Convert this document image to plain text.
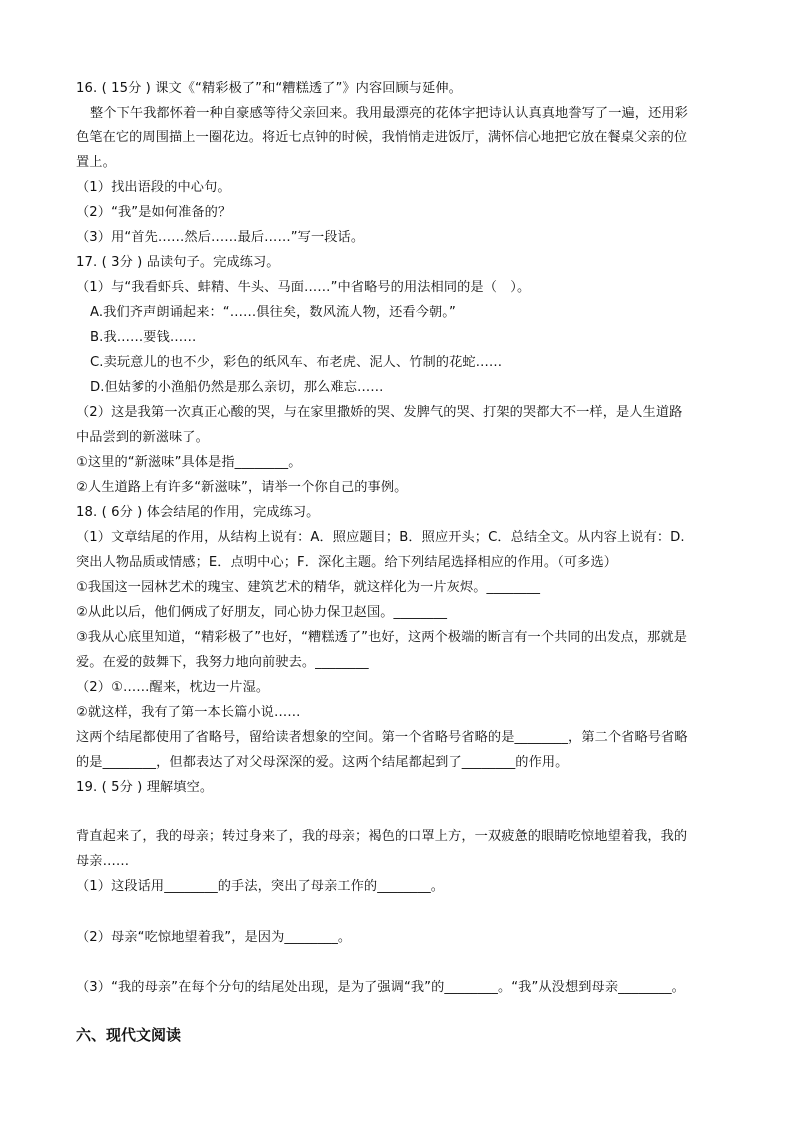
16. ( 15分 ) 课文《“精彩极了”和“糟糕透了”》内容回顾与延伸。
整个下午我都怀着一种自豪感等待父亲回来。我用最漂亮的花体字把诗认认真真地誊写了一遍，还用彩
色笔在它的周围描上一圈花边。将近七点钟的时候，我悄悄走进饭厅，满怀信心地把它放在餐桌父亲的位
置上。
（1）找出语段的中心句。
（2）“我”是如何准备的？
（3）用“首先……然后……最后……”写一段话。
17. ( 3分 ) 品读句子。完成练习。
（1）与“我看虾兵、蚌精、牛头、马面……”中省略号的用法相同的是（　）。
A.我们齐声朗诵起来：“……俱往矣，数风流人物，还看今朝。”
B.我……要钱……
C.卖玩意儿的也不少，彩色的纸风车、布老虎、泥人、竹制的花蛇……
D.但姑爹的小渔船仍然是那么亲切，那么难忘……
（2）这是我第一次真正心酸的哭，与在家里撒娇的哭、发脾气的哭、打架的哭都大不一样，是人生道路
中品尝到的新滋味了。
①这里的“新滋味”具体是指________。
②人生道路上有许多“新滋味”，请举一个你自己的事例。
18. ( 6分 ) 体会结尾的作用，完成练习。
（1）文章结尾的作用，从结构上说有：A．照应题目；B．照应开头；C．总结全文。从内容上说有：D.
突出人物品质或情感；E．点明中心；F．深化主题。给下列结尾选择相应的作用。（可多选）
①我国这一园林艺术的瑰宝、建筑艺术的精华，就这样化为一片灰烬。________
②从此以后，他们俩成了好朋友，同心协力保卫赵国。________
③我从心底里知道，“精彩极了”也好，“糟糕透了”也好，这两个极端的断言有一个共同的出发点，那就是
爱。在爱的鼓舞下，我努力地向前驶去。________
（2）①……醒来，枕边一片湿。
②就这样，我有了第一本长篇小说……
这两个结尾都使用了省略号，留给读者想象的空间。第一个省略号省略的是________，第二个省略号省略
的是________，但都表达了对父母深深的爱。这两个结尾都起到了________的作用。
19. ( 5分 ) 理解填空。
背直起来了，我的母亲；转过身来了，我的母亲；褐色的口罩上方，一双疲惫的眼睛吃惊地望着我，我的
母亲……
（1）这段话用________的手法，突出了母亲工作的________。
（2）母亲“吃惊地望着我”，是因为________。
（3）“我的母亲”在每个分句的结尾处出现，是为了强调“我”的________。“我”从没想到母亲________。
六、现代文阅读
